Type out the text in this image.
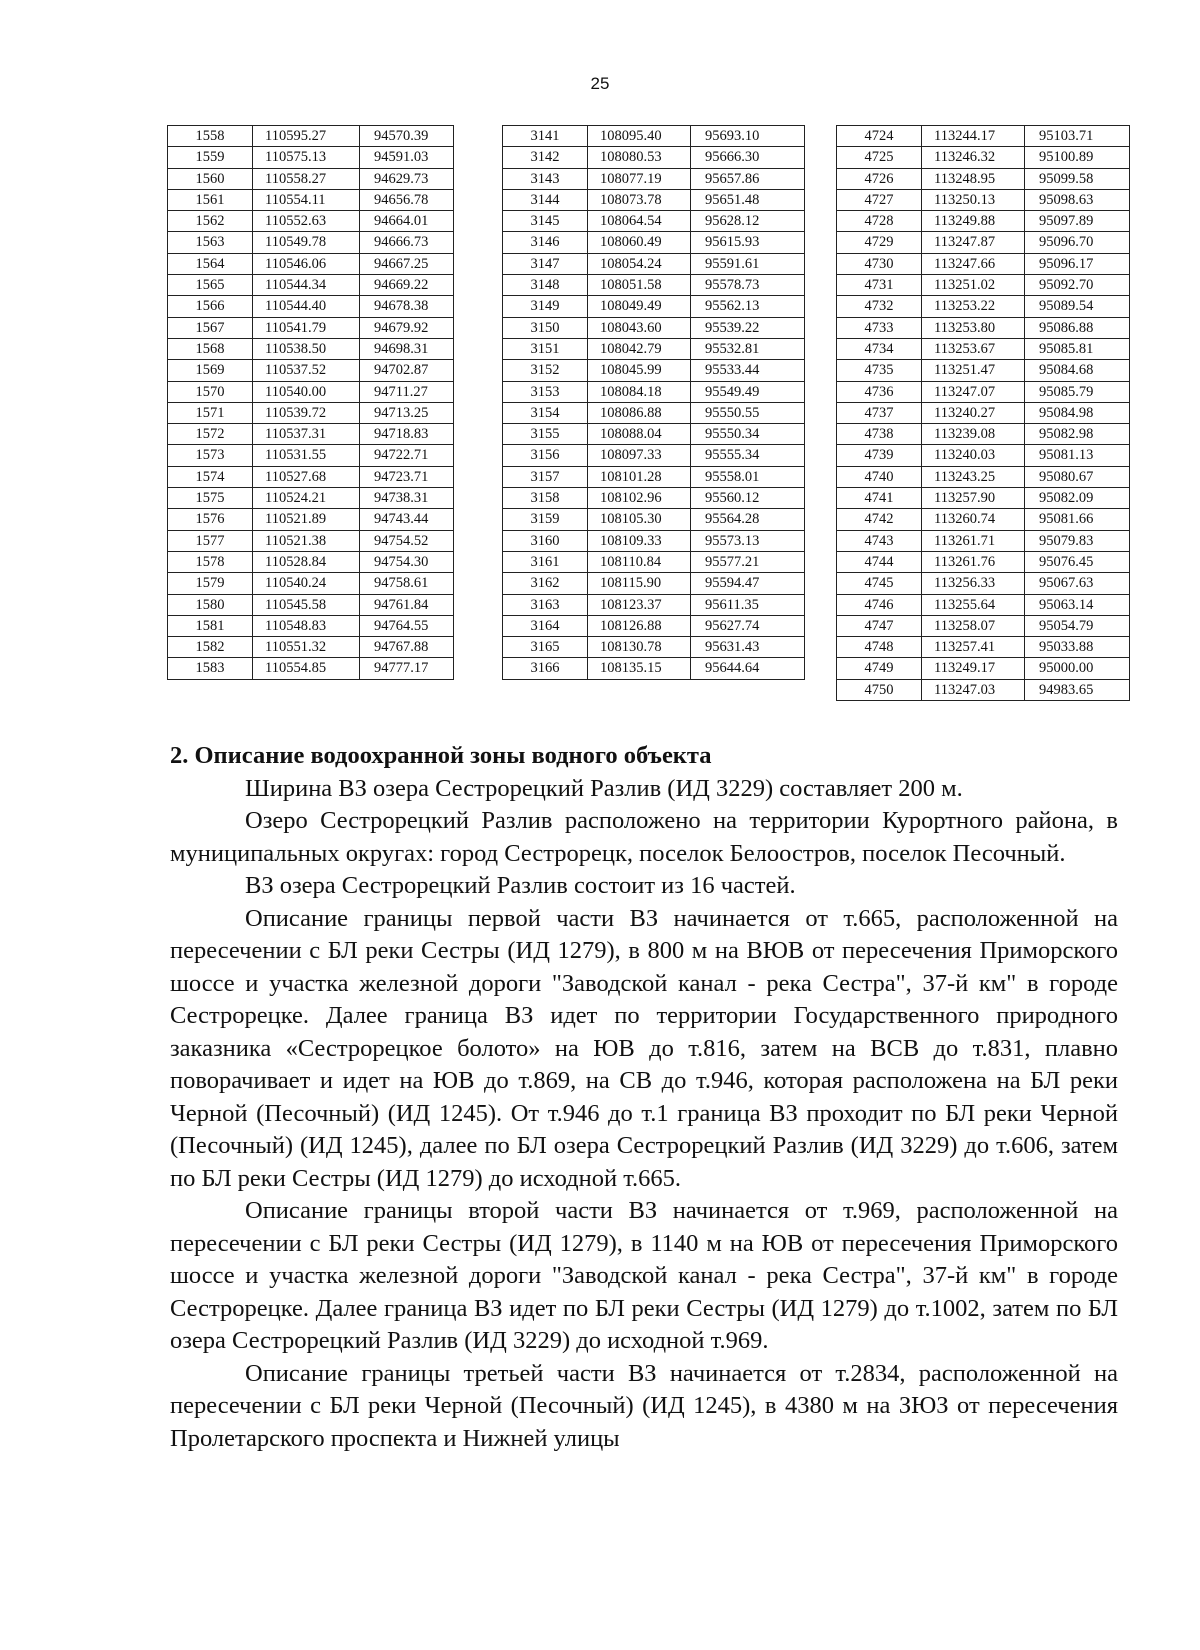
25
1558	110595.27	94570.39
1559	110575.13	94591.03
1560	110558.27	94629.73
1561	110554.11	94656.78
1562	110552.63	94664.01
1563	110549.78	94666.73
1564	110546.06	94667.25
1565	110544.34	94669.22
1566	110544.40	94678.38
1567	110541.79	94679.92
1568	110538.50	94698.31
1569	110537.52	94702.87
1570	110540.00	94711.27
1571	110539.72	94713.25
1572	110537.31	94718.83
1573	110531.55	94722.71
1574	110527.68	94723.71
1575	110524.21	94738.31
1576	110521.89	94743.44
1577	110521.38	94754.52
1578	110528.84	94754.30
1579	110540.24	94758.61
1580	110545.58	94761.84
1581	110548.83	94764.55
1582	110551.32	94767.88
1583	110554.85	94777.17
3141	108095.40	95693.10
3142	108080.53	95666.30
3143	108077.19	95657.86
3144	108073.78	95651.48
3145	108064.54	95628.12
3146	108060.49	95615.93
3147	108054.24	95591.61
3148	108051.58	95578.73
3149	108049.49	95562.13
3150	108043.60	95539.22
3151	108042.79	95532.81
3152	108045.99	95533.44
3153	108084.18	95549.49
3154	108086.88	95550.55
3155	108088.04	95550.34
3156	108097.33	95555.34
3157	108101.28	95558.01
3158	108102.96	95560.12
3159	108105.30	95564.28
3160	108109.33	95573.13
3161	108110.84	95577.21
3162	108115.90	95594.47
3163	108123.37	95611.35
3164	108126.88	95627.74
3165	108130.78	95631.43
3166	108135.15	95644.64
4724	113244.17	95103.71
4725	113246.32	95100.89
4726	113248.95	95099.58
4727	113250.13	95098.63
4728	113249.88	95097.89
4729	113247.87	95096.70
4730	113247.66	95096.17
4731	113251.02	95092.70
4732	113253.22	95089.54
4733	113253.80	95086.88
4734	113253.67	95085.81
4735	113251.47	95084.68
4736	113247.07	95085.79
4737	113240.27	95084.98
4738	113239.08	95082.98
4739	113240.03	95081.13
4740	113243.25	95080.67
4741	113257.90	95082.09
4742	113260.74	95081.66
4743	113261.71	95079.83
4744	113261.76	95076.45
4745	113256.33	95067.63
4746	113255.64	95063.14
4747	113258.07	95054.79
4748	113257.41	95033.88
4749	113249.17	95000.00
4750	113247.03	94983.65
2. Описание водоохранной зоны водного объекта

Ширина ВЗ озера Сестрорецкий Разлив (ИД 3229) составляет 200 м.

Озеро Сестрорецкий Разлив расположено на территории Курортного района, в муниципальных округах: город Сестрорецк, поселок Белоостров, поселок Песочный.

ВЗ озера Сестрорецкий Разлив состоит из 16 частей.

Описание границы первой части ВЗ начинается от т.665, расположенной на пересечении с БЛ реки Сестры (ИД 1279), в 800 м на ВЮВ от пересечения Приморского шоссе и участка железной дороги "Заводской канал - река Сестра", 37-й км" в городе Сестрорецке. Далее граница ВЗ идет по территории Государственного природного заказника «Сестрорецкое болото» на ЮВ до т.816, затем на ВСВ до т.831, плавно поворачивает и идет на ЮВ до т.869, на СВ до т.946, которая расположена на БЛ реки Черной (Песочный) (ИД 1245). От т.946 до т.1 граница ВЗ проходит по БЛ реки Черной (Песочный) (ИД 1245), далее по БЛ озера Сестрорецкий Разлив (ИД 3229) до т.606, затем по БЛ реки Сестры (ИД 1279) до исходной т.665.

Описание границы второй части ВЗ начинается от т.969, расположенной на пересечении с БЛ реки Сестры (ИД 1279), в 1140 м на ЮВ от пересечения Приморского шоссе и участка железной дороги "Заводской канал - река Сестра", 37-й км" в городе Сестрорецке. Далее граница ВЗ идет по БЛ реки Сестры (ИД 1279) до т.1002, затем по БЛ озера Сестрорецкий Разлив (ИД 3229) до исходной т.969.

Описание границы третьей части ВЗ начинается от т.2834, расположенной на пересечении с БЛ реки Черной (Песочный) (ИД 1245), в 4380 м на ЗЮЗ от пересечения Пролетарского проспекта и Нижней улицы
